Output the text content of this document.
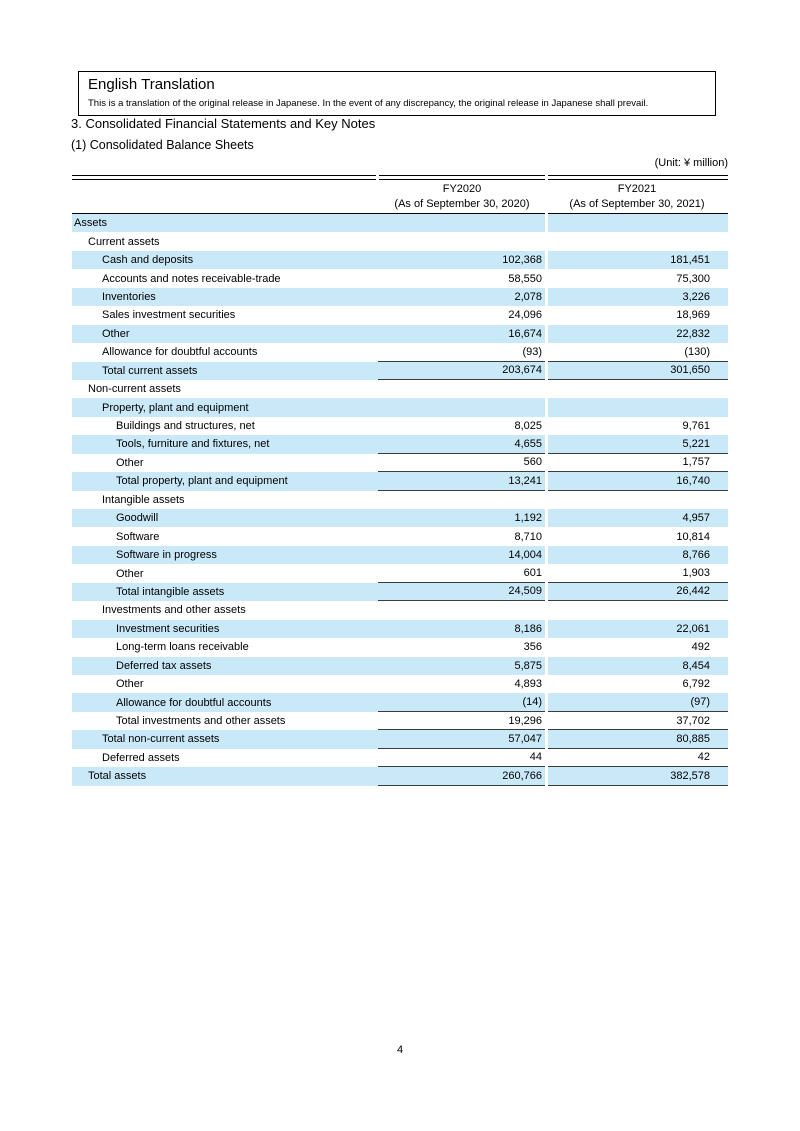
English Translation
This is a translation of the original release in Japanese. In the event of any discrepancy, the original release in Japanese shall prevail.
3. Consolidated Financial Statements and Key Notes
(1) Consolidated Balance Sheets
(Unit: ¥ million)
FY2020
(As of September 30, 2020)
FY2021
(As of September 30, 2021)
Assets
Current assets
Cash and deposits	102,368	181,451
Accounts and notes receivable-trade	58,550	75,300
Inventories	2,078	3,226
Sales investment securities	24,096	18,969
Other	16,674	22,832
Allowance for doubtful accounts	(93)	(130)
Total current assets	203,674	301,650
Non-current assets
Property, plant and equipment
Buildings and structures, net	8,025	9,761
Tools, furniture and fixtures, net	4,655	5,221
Other	560	1,757
Total property, plant and equipment	13,241	16,740
Intangible assets
Goodwill	1,192	4,957
Software	8,710	10,814
Software in progress	14,004	8,766
Other	601	1,903
Total intangible assets	24,509	26,442
Investments and other assets
Investment securities	8,186	22,061
Long-term loans receivable	356	492
Deferred tax assets	5,875	8,454
Other	4,893	6,792
Allowance for doubtful accounts	(14)	(97)
Total investments and other assets	19,296	37,702
Total non-current assets	57,047	80,885
Deferred assets	44	42
Total assets	260,766	382,578
4
